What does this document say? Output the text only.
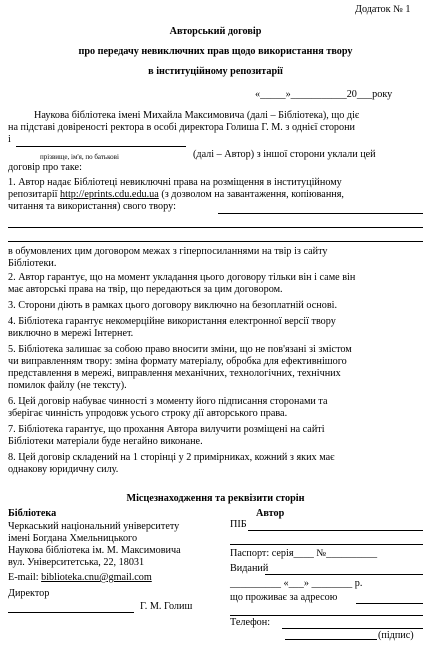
Додаток № 1
Авторський договір
про передачу невиключних прав щодо використання твору
в інституційному репозитарії
«_____»___________20___року
Наукова бібліотека імені Михайла Максимовича (далі – Бібліотека), що діє
на підставі довіреності ректора в особі директора Голиша Г. М. з однієї сторони
і
прізвище, ім'я, по батькові	(далі – Автор) з іншої сторони уклали цей
договір про таке:
1. Автор надає Бібліотеці невиключні права на розміщення в інституційному
репозитарії http://eprints.cdu.edu.ua (з дозволом на завантаження, копіювання,
читання та використання) свого твору:
в обумовлених цим договором межах з гіперпосиланнями на твір із сайту
Бібліотеки.
2. Автор гарантує, що на момент укладання цього договору тільки він і саме він
має авторські права на твір, що передаються за цим договором.
3. Сторони діють в рамках цього договору виключно на безоплатній основі.
4. Бібліотека гарантує некомерційне використання електронної версії твору
виключно в мережі Інтернет.
5. Бібліотека залишає за собою право вносити зміни, що не пов'язані зі змістом
чи виправленням твору: зміна формату матеріалу, обробка для ефективнішого
представлення в мережі, виправлення механічних, технологічних, технічних
помилок файлу (не тексту).
6. Цей договір набуває чинності з моменту його підписання сторонами та
зберігає чинність упродовж усього строку дії авторського права.
7. Бібліотека гарантує, що прохання Автора вилучити розміщені на сайті
Бібліотеки матеріали буде негайно виконане.
8. Цей договір складений на 1 сторінці у 2 примірниках, кожний з яких має
однакову юридичну силу.
Місцезнаходження та реквізити сторін
Бібліотека
Черкаський національний університету
імені Богдана Хмельницького
Наукова бібліотека ім. М. Максимовича
вул. Університетська, 22, 18031
E-mail: biblioteka.cnu@gmail.com
Директор
Г. М. Голиш
Автор
ПІБ
Паспорт: серія____ №__________
Виданий
__________ «___» ________ р.
що проживає за адресою
Телефон:
(підпис)
